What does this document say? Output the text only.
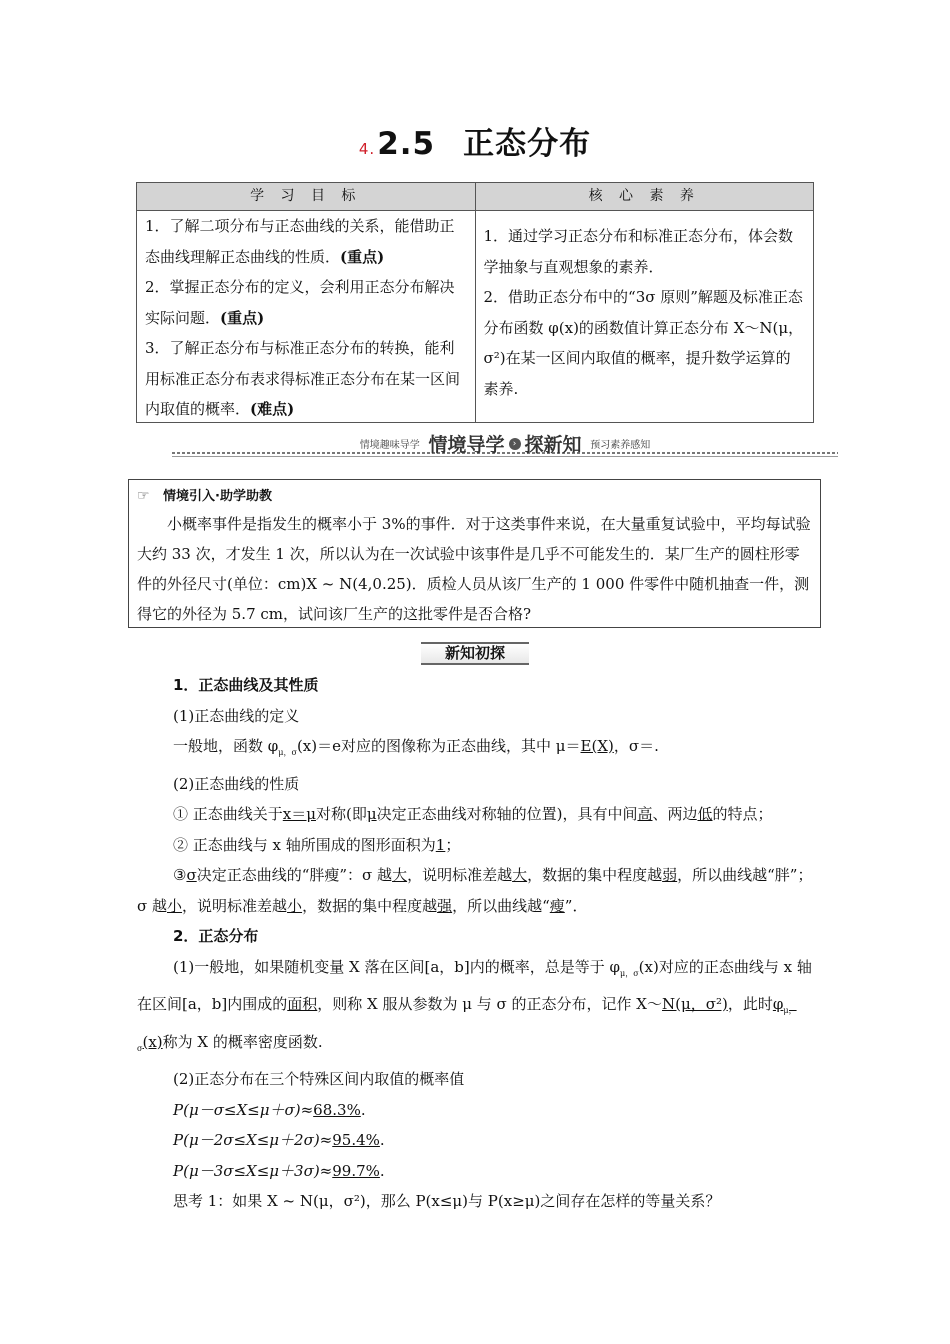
4.2.5 正态分布
学 习 目 标	核 心 素 养

1．了解二项分布与正态曲线的关系，能借助正态曲线理解正态曲线的性质．(重点)

2．掌握正态分布的定义，会利用正态分布解决实际问题．(重点)

3．了解正态分布与标准正态分布的转换，能利用标准正态分布表求得标准正态分布在某一区间内取值的概率．(难点)

1．通过学习正态分布和标准正态分布，体会数学抽象与直观想象的素养．

2．借助正态分布中的“3σ 原则”解题及标准正态分布函数 φ(x)的函数值计算正态分布 X～N(μ，σ²)在某一区间内取值的概率，提升数学运算的素养.

情境趣味导学 情境导学 › 探新知 预习素养感知
☞ 情境引入·助学助教
小概率事件是指发生的概率小于 3%的事件．对于这类事件来说，在大量重复试验中，平均每试验大约 33 次，才发生 1 次，所以认为在一次试验中该事件是几乎不可能发生的．某厂生产的圆柱形零件的外径尺寸(单位：cm)X ~ N(4,0.25)．质检人员从该厂生产的 1 000 件零件中随机抽查一件，测得它的外径为 5.7 cm，试问该厂生产的这批零件是否合格?
新知初探

1．正态曲线及其性质

(1)正态曲线的定义

一般地，函数 $\varphi_{\mu,\sigma}(x)=e$对应的图像称为正态曲线，其中 μ＝E(X)，σ＝.

(2)正态曲线的性质

① 正态曲线关于x＝μ对称(即μ决定正态曲线对称轴的位置)，具有中间高、两边低的特点；

② 正态曲线与 x 轴所围成的图形面积为1；

③σ决定正态曲线的“胖瘦”：σ 越大，说明标准差越大，数据的集中程度越弱，所以曲线越“胖”；σ 越小，说明标准差越小，数据的集中程度越强，所以曲线越“瘦”．

2．正态分布

(1)一般地，如果随机变量 X 落在区间[a，b]内的概率，总是等于 $\varphi_{\mu,\sigma}(x)$对应的正态曲线与 x 轴在区间[a，b]内围成的面积，则称 X 服从参数为 μ 与 σ 的正态分布，记作 X～N(μ，σ²)，此时$\varphi_{\mu,\sigma}(x)$称为 X 的概率密度函数.

(2)正态分布在三个特殊区间内取值的概率值

P(μ－σ≤X≤μ＋σ)≈68.3%.

P(μ－2σ≤X≤μ＋2σ)≈95.4%.

P(μ－3σ≤X≤μ＋3σ)≈99.7%.

思考 1：如果 X ~ N(μ，σ²)，那么 P(x≤μ)与 P(x≥μ)之间存在怎样的等量关系？
